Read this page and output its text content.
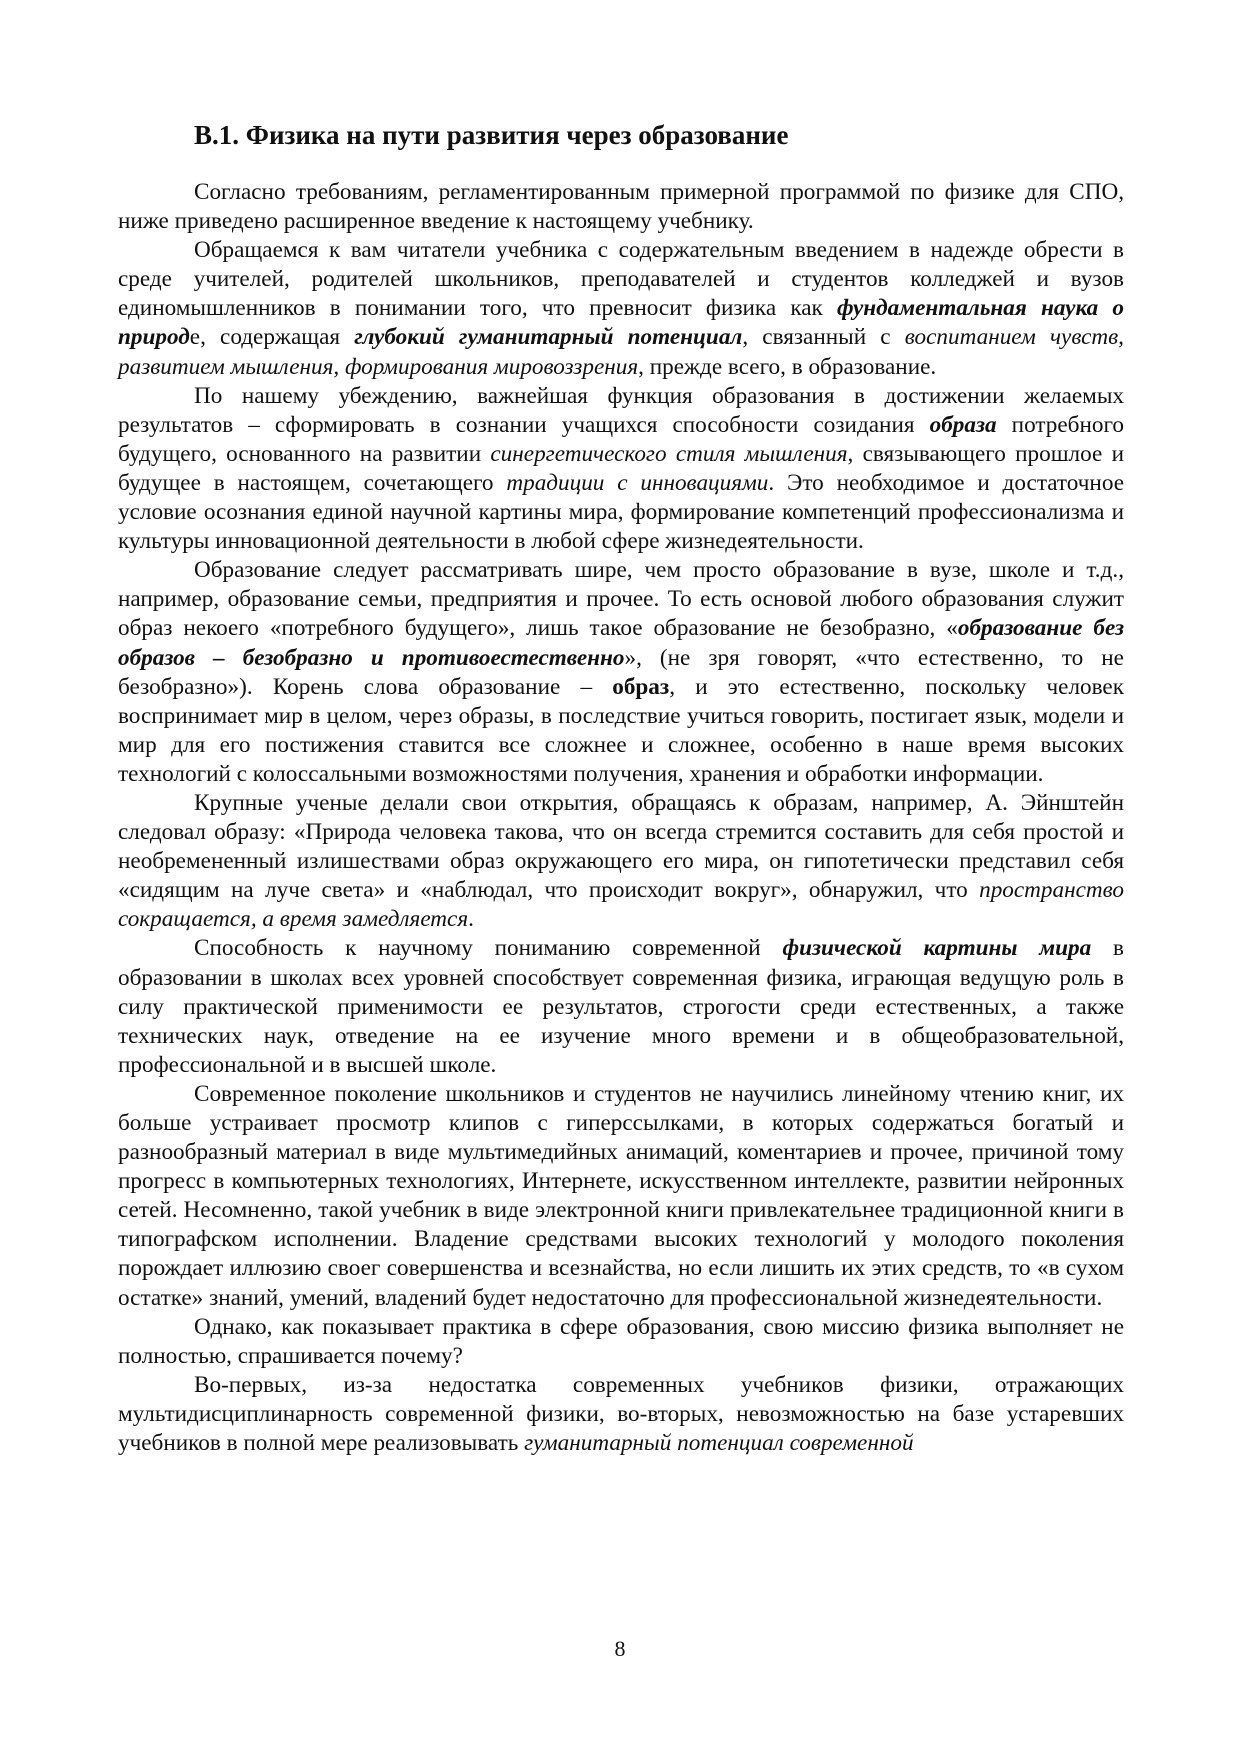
В.1. Физика на пути развития через образование

Согласно требованиям, регламентированным примерной программой по физике для СПО, ниже приведено расширенное введение к настоящему учебнику.

Обращаемся к вам читатели учебника с содержательным введением в надежде обрести в среде учителей, родителей школьников, преподавателей и студентов колледжей и вузов единомышленников в понимании того, что превносит физика как фундаментальная наука о природе, содержащая глубокий гуманитарный потенциал, связанный с воспитанием чувств, развитием мышления, формирования мировоззрения, прежде всего, в образование.

По нашему убеждению, важнейшая функция образования в достижении желаемых результатов – сформировать в сознании учащихся способности созидания образа потребного будущего, основанного на развитии синергетического стиля мышления, связывающего прошлое и будущее в настоящем, сочетающего традиции с инновациями. Это необходимое и достаточное условие осознания единой научной картины мира, формирование компетенций профессионализма и культуры инновационной деятельности в любой сфере жизнедеятельности.

Образование следует рассматривать шире, чем просто образование в вузе, школе и т.д., например, образование семьи, предприятия и прочее. То есть основой любого образования служит образ некоего «потребного будущего», лишь такое образование не безобразно, «образование без образов – безобразно и противоестественно», (не зря говорят, «что естественно, то не безобразно»). Корень слова образование – образ, и это естественно, поскольку человек воспринимает мир в целом, через образы, в последствие учиться говорить, постигает язык, модели и мир для его постижения ставится все сложнее и сложнее, особенно в наше время высоких технологий с колоссальными возможностями получения, хранения и обработки информации.

Крупные ученые делали свои открытия, обращаясь к образам, например, А. Эйнштейн следовал образу: «Природа человека такова, что он всегда стремится составить для себя простой и необремененный излишествами образ окружающего его мира, он гипотетически представил себя «сидящим на луче света» и «наблюдал, что происходит вокруг», обнаружил, что пространство сокращается, а время замедляется.

Способность к научному пониманию современной физической картины мира в образовании в школах всех уровней способствует современная физика, играющая ведущую роль в силу практической применимости ее результатов, строгости среди естественных, а также технических наук, отведение на ее изучение много времени и в общеобразовательной, профессиональной и в высшей школе.

Современное поколение школьников и студентов не научились линейному чтению книг, их больше устраивает просмотр клипов с гиперссылками, в которых содержаться богатый и разнообразный материал в виде мультимедийных анимаций, коментариев и прочее, причиной тому прогресс в компьютерных технологиях, Интернете, искусственном интеллекте, развитии нейронных сетей. Несомненно, такой учебник в виде электронной книги привлекательнее традиционной книги в типографском исполнении. Владение средствами высоких технологий у молодого поколения порождает иллюзию своег совершенства и всезнайства, но если лишить их этих средств, то «в сухом остатке» знаний, умений, владений будет недостаточно для профессиональной жизнедеятельности.

Однако, как показывает практика в сфере образования, свою миссию физика выполняет не полностью, спрашивается почему?

Во-первых, из-за недостатка современных учебников физики, отражающих мультидисциплинарность современной физики, во-вторых, невозможностью на базе устаревших учебников в полной мере реализовывать гуманитарный потенциал современной

8
